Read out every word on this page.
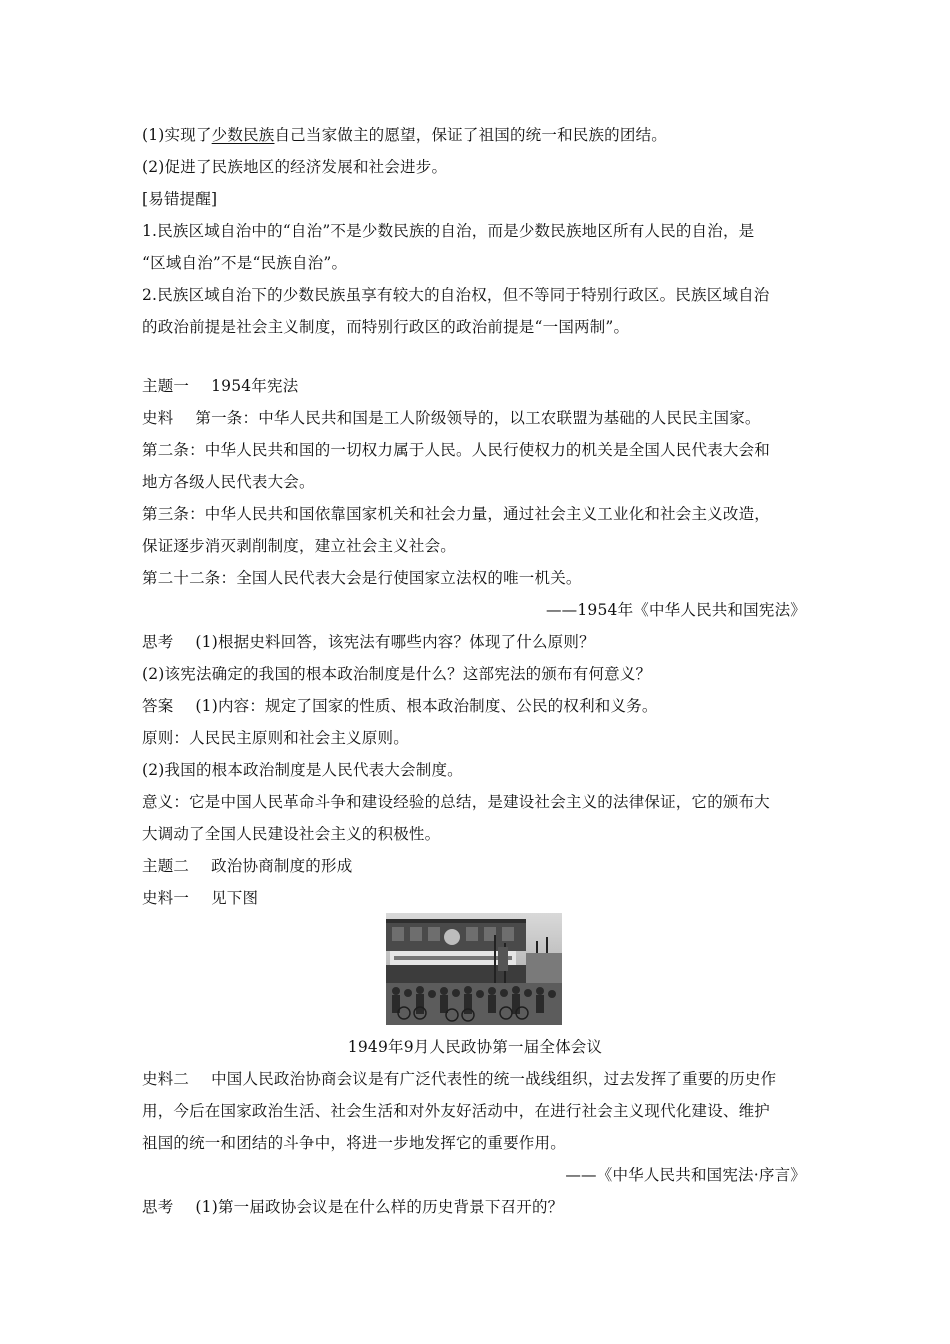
(1)实现了少数民族自己当家做主的愿望，保证了祖国的统一和民族的团结。
(2)促进了民族地区的经济发展和社会进步。
[易错提醒]
1.民族区域自治中的“自治”不是少数民族的自治，而是少数民族地区所有人民的自治，是
“区域自治”不是“民族自治”。
2.民族区域自治下的少数民族虽享有较大的自治权，但不等同于特别行政区。民族区域自治
的政治前提是社会主义制度，而特别行政区的政治前提是“一国两制”。
主题一 1954年宪法
史料 第一条：中华人民共和国是工人阶级领导的，以工农联盟为基础的人民民主国家。
第二条：中华人民共和国的一切权力属于人民。人民行使权力的机关是全国人民代表大会和
地方各级人民代表大会。
第三条：中华人民共和国依靠国家机关和社会力量，通过社会主义工业化和社会主义改造，
保证逐步消灭剥削制度，建立社会主义社会。
第二十二条：全国人民代表大会是行使国家立法权的唯一机关。
——1954年《中华人民共和国宪法》
思考 (1)根据史料回答，该宪法有哪些内容？体现了什么原则？
(2)该宪法确定的我国的根本政治制度是什么？这部宪法的颁布有何意义？
答案 (1)内容：规定了国家的性质、根本政治制度、公民的权利和义务。
原则：人民民主原则和社会主义原则。
(2)我国的根本政治制度是人民代表大会制度。
意义：它是中国人民革命斗争和建设经验的总结，是建设社会主义的法律保证，它的颁布大
大调动了全国人民建设社会主义的积极性。
主题二 政治协商制度的形成
史料一 见下图
1949年9月人民政协第一届全体会议
史料二 中国人民政治协商会议是有广泛代表性的统一战线组织，过去发挥了重要的历史作
用，今后在国家政治生活、社会生活和对外友好活动中，在进行社会主义现代化建设、维护
祖国的统一和团结的斗争中，将进一步地发挥它的重要作用。
——《中华人民共和国宪法·序言》
思考 (1)第一届政协会议是在什么样的历史背景下召开的？
